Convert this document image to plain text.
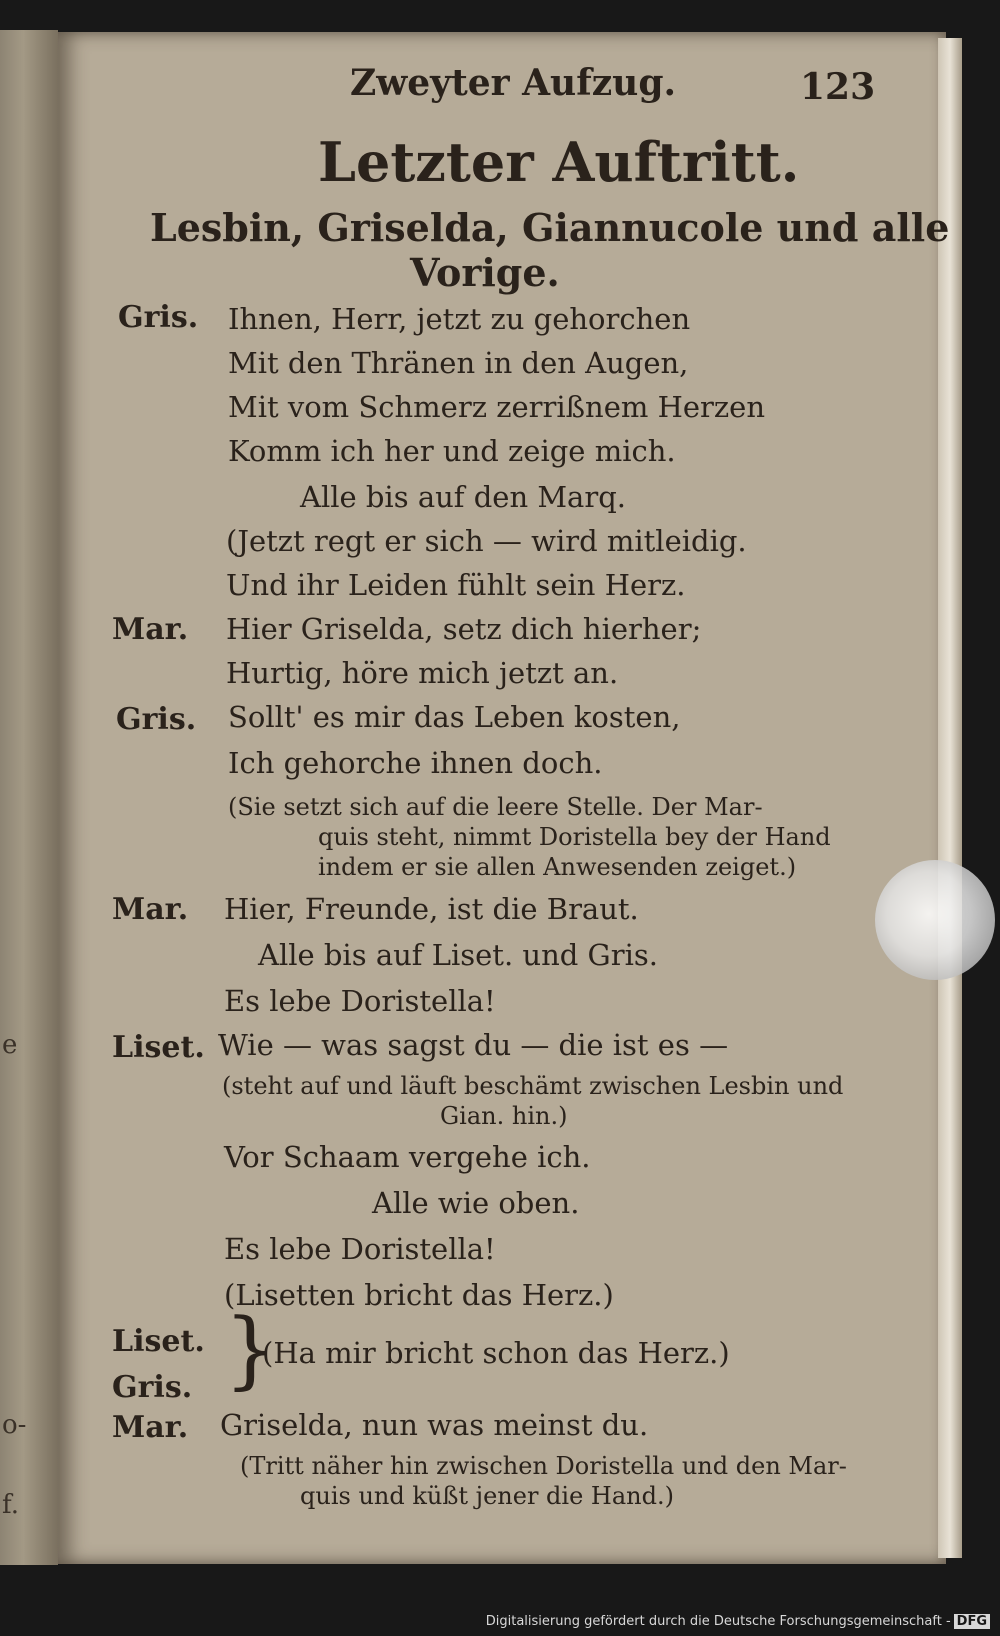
e
o-
f.
Zweyter Aufzug.	123
Letzter Auftritt.
Lesbin, Griselda, Giannucole und alle
Vorige.
Gris. Ihnen, Herr, jetzt zu gehorchen
Mit den Thränen in den Augen,
Mit vom Schmerz zerrißnem Herzen
Komm ich her und zeige mich.
Alle bis auf den Marq.
(Jetzt regt er sich — wird mitleidig.
Und ihr Leiden fühlt sein Herz.
Mar. Hier Griselda, setz dich hierher;
Hurtig, höre mich jetzt an.
Gris. Sollt' es mir das Leben kosten,
Ich gehorche ihnen doch.
(Sie setzt sich auf die leere Stelle. Der Mar-
quis steht, nimmt Doristella bey der Hand
indem er sie allen Anwesenden zeiget.)
Mar. Hier, Freunde, ist die Braut.
Alle bis auf Liset. und Gris.
Es lebe Doristella!
Liset. Wie — was sagst du — die ist es —
(steht auf und läuft beschämt zwischen Lesbin und
Gian. hin.)
Vor Schaam vergehe ich.
Alle wie oben.
Es lebe Doristella!
(Lisetten bricht das Herz.)
Liset.
Gris. }
(Ha mir bricht schon das Herz.)
Mar. Griselda, nun was meinst du.
(Tritt näher hin zwischen Doristella und den Mar-
quis und küßt jener die Hand.)
Digitalisierung gefördert durch die Deutsche Forschungsgemeinschaft - DFG
